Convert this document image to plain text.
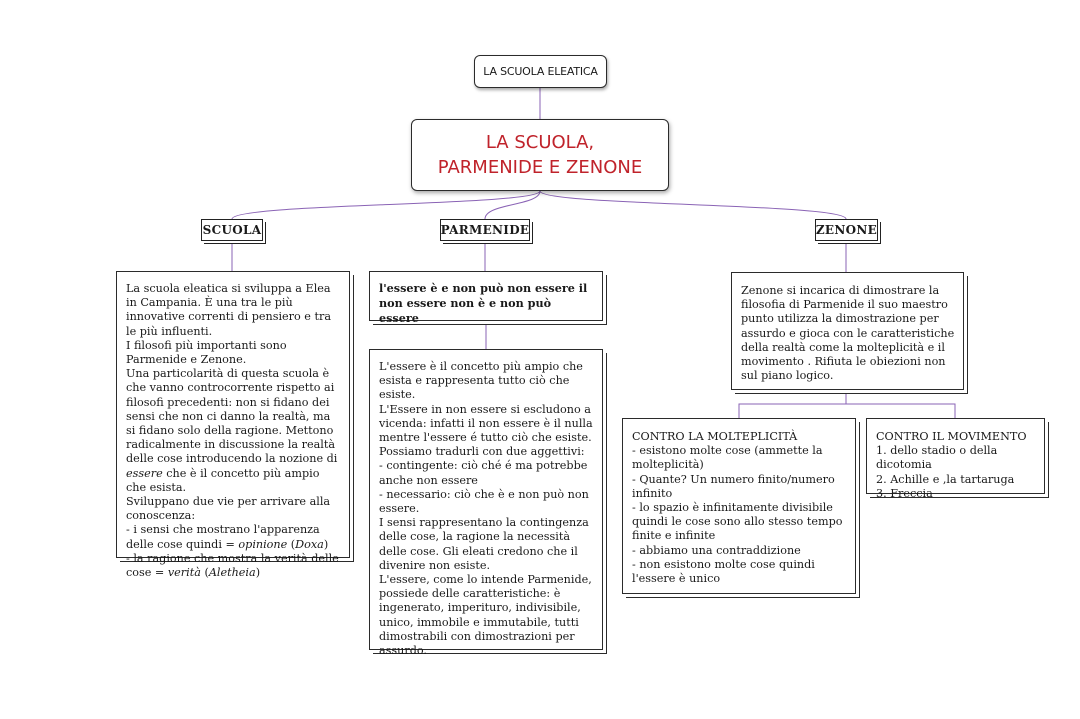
LA SCUOLA ELEATICA
LA SCUOLA,
PARMENIDE E ZENONE
SCUOLA	PARMENIDE	ZENONE

La scuola eleatica si sviluppa a Elea in Campania. È una tra le più innovative correnti di pensiero e tra le più influenti.

I filosofi più importanti sono Parmenide e Zenone.

Una particolarità di questa scuola è che vanno controcorrente rispetto ai filosofi precedenti: non si fidano dei sensi che non ci danno la realtà, ma si fidano solo della ragione. Mettono radicalmente in discussione la realtà delle cose introducendo la nozione di essere che è il concetto più ampio che esista.

Sviluppano due vie per arrivare alla conoscenza:

- i sensi che mostrano l'apparenza delle cose quindi = opinione (Doxa)

- la ragione che mostra la verità delle cose = verità (Aletheia)

l'essere è e non può non essere il non essere non è e non può essere

L'essere è il concetto più ampio che esista e rappresenta tutto ciò che esiste.

L'Essere in non essere si escludono a vicenda: infatti il non essere è il nulla mentre l'essere é tutto ciò che esiste.

Possiamo tradurli con due aggettivi:

- contingente: ciò ché é ma potrebbe anche non essere

- necessario: ciò che è e non può non essere.

I sensi rappresentano la contingenza delle cose, la ragione la necessità delle cose. Gli eleati credono che il divenire non esiste.

L'essere, come lo intende Parmenide, possiede delle caratteristiche: è ingenerato, imperituro, indivisibile, unico, immobile e immutabile, tutti dimostrabili con dimostrazioni per assurdo.

Zenone si incarica di dimostrare la filosofia di Parmenide il suo maestro punto utilizza la dimostrazione per assurdo e gioca con le caratteristiche della realtà come la molteplicità e il movimento . Rifiuta le obiezioni non sul piano logico.

CONTRO LA MOLTEPLICITÀ

- esistono molte cose (ammette la molteplicità)

- Quante? Un numero finito/numero infinito

- lo spazio è infinitamente divisibile quindi le cose sono allo stesso tempo finite e infinite

- abbiamo una contraddizione

- non esistono molte cose quindi l'essere è unico

CONTRO IL MOVIMENTO

1. dello stadio o della dicotomia

2. Achille e ,la tartaruga

3. Freccia
